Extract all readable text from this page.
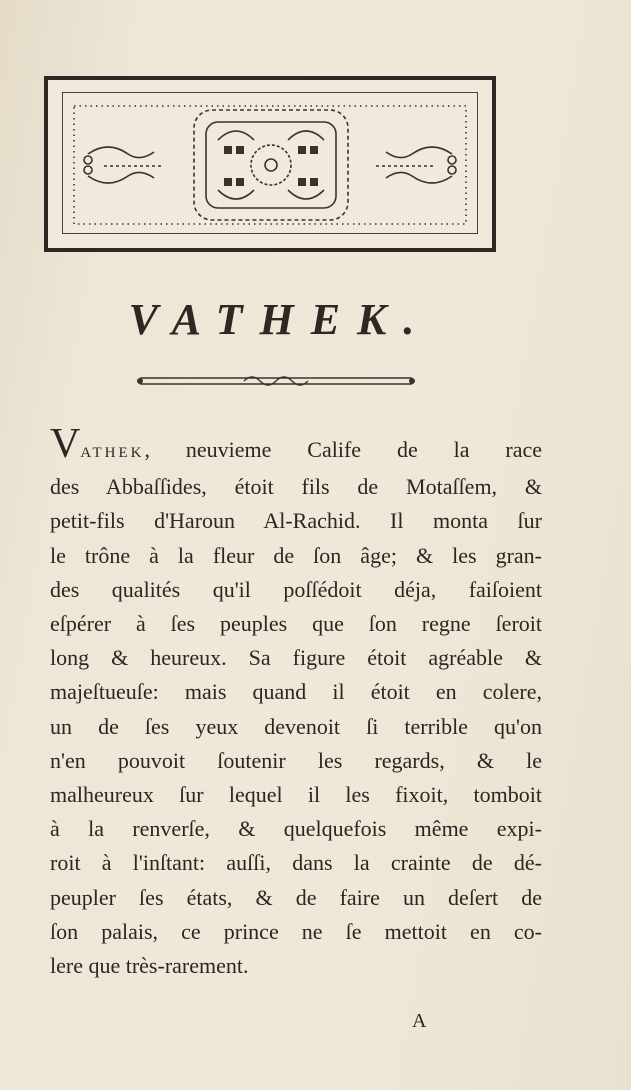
VATHEK.
VATHEK, neuvieme Calife de la race
des Abbaſſides, étoit fils de Motaſſem, &
petit-fils d'Haroun Al-Rachid. Il monta ſur
le trône à la fleur de ſon âge; & les gran-
des qualités qu'il poſſédoit déja, faiſoient
eſpérer à ſes peuples que ſon regne ſeroit
long & heureux. Sa figure étoit agréable &
majeſtueuſe: mais quand il étoit en colere,
un de ſes yeux devenoit ſi terrible qu'on
n'en pouvoit ſoutenir les regards, & le
malheureux ſur lequel il les fixoit, tomboit
à la renverſe, & quelquefois même expi-
roit à l'inſtant: auſſi, dans la crainte de dé-
peupler ſes états, & de faire un deſert de
ſon palais, ce prince ne ſe mettoit en co-
lere que très-rarement.

A
